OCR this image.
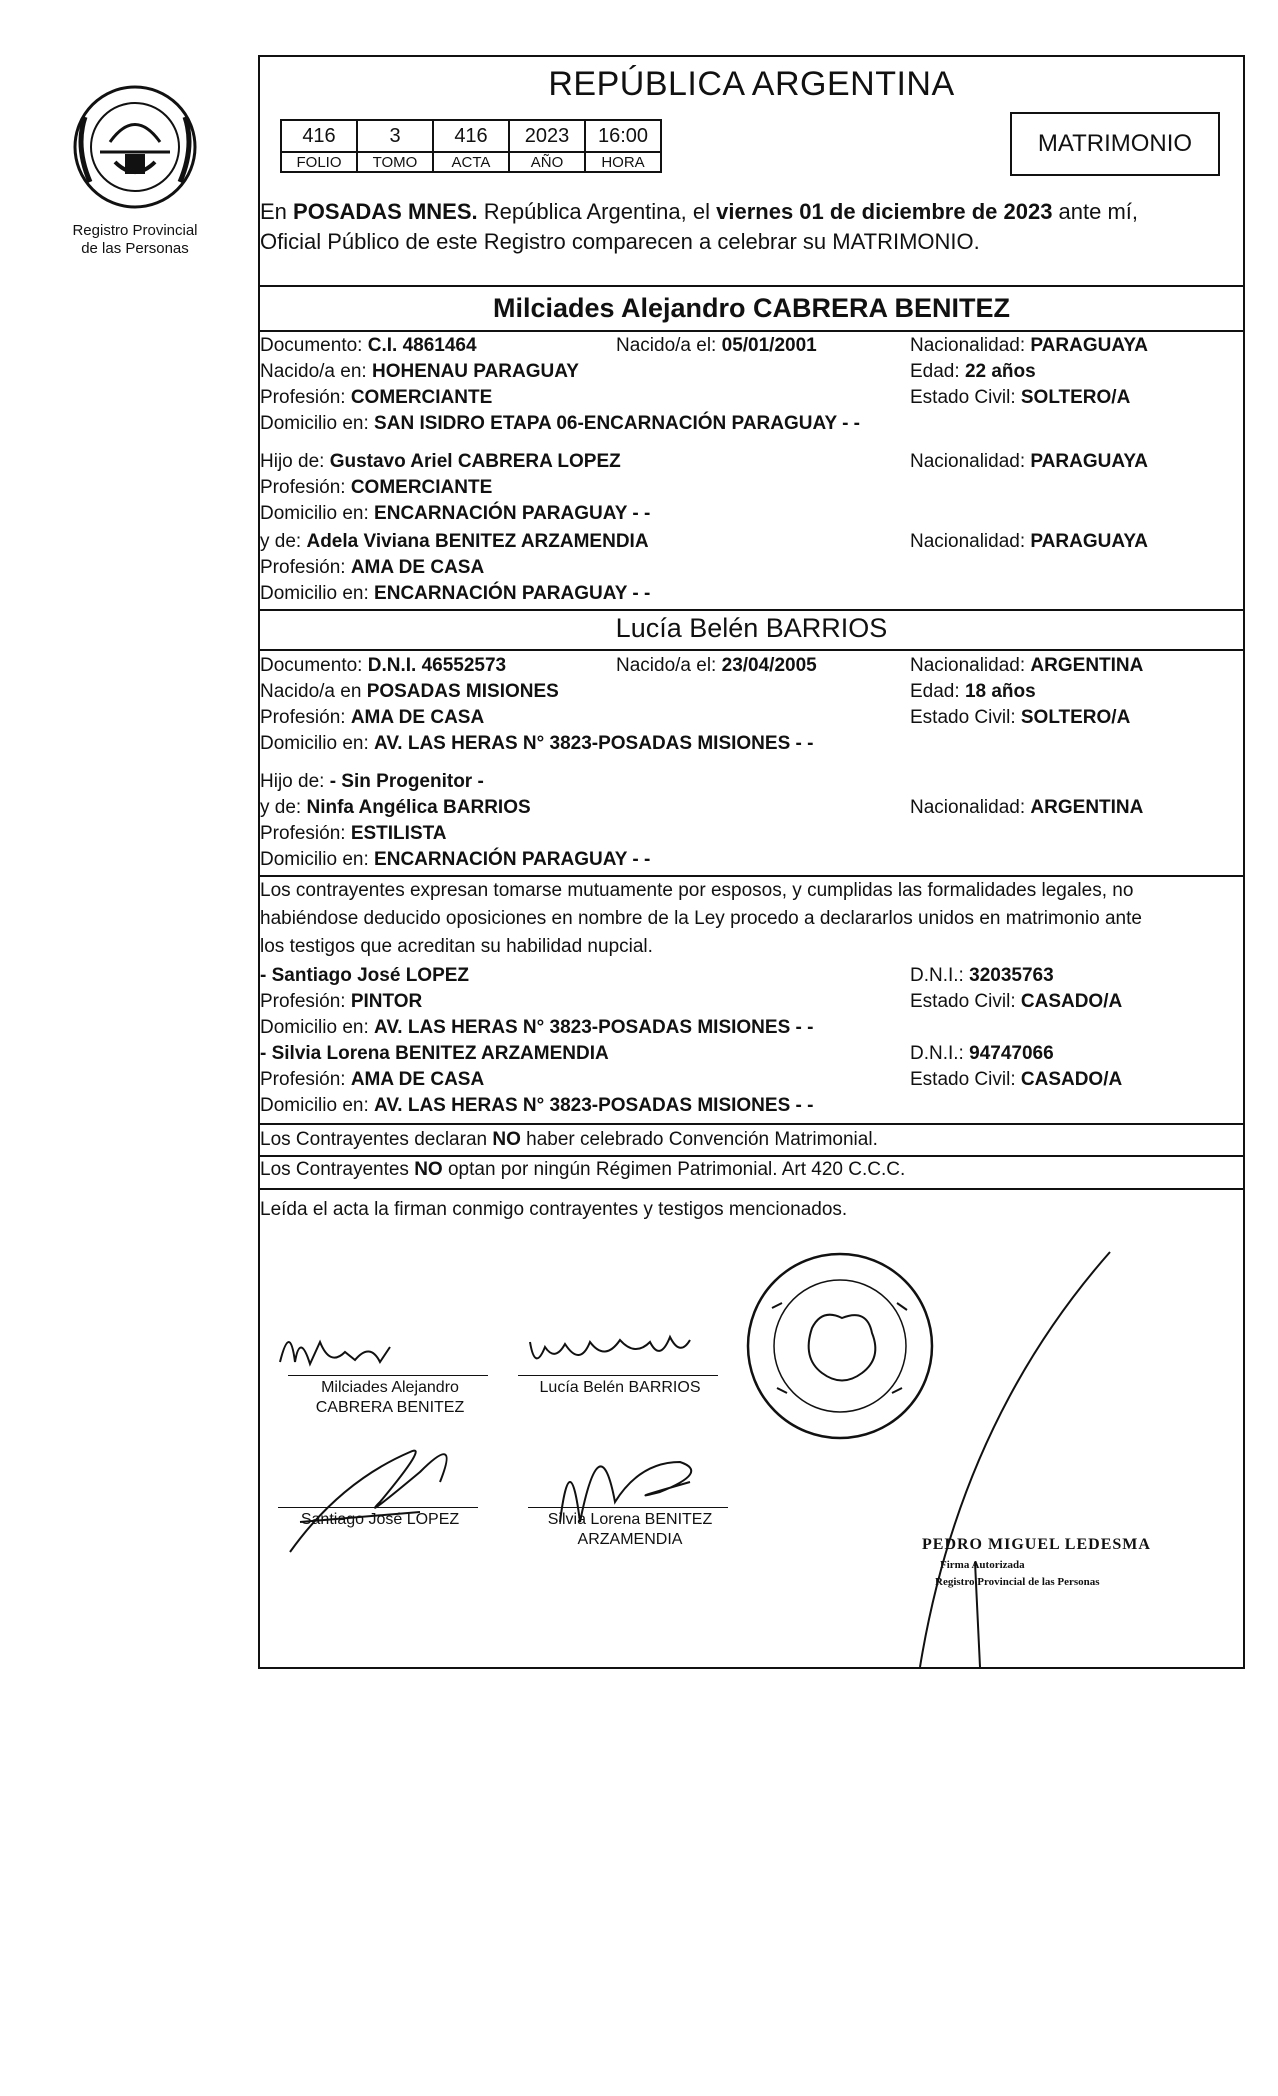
Registro Provincial
de las Personas
REPÚBLICA ARGENTINA
416	3	416	2023	16:00
FOLIO	TOMO	ACTA	AÑO	HORA
MATRIMONIO
En POSADAS MNES. República Argentina, el viernes 01 de diciembre de 2023 ante mí,
Oficial Público de este Registro comparecen a celebrar su MATRIMONIO.
Milciades Alejandro CABRERA BENITEZ
Documento: C.I. 4861464	Nacido/a el: 05/01/2001	Nacionalidad: PARAGUAYA
Nacido/a en: HOHENAU PARAGUAY	Edad: 22 años
Profesión: COMERCIANTE	Estado Civil: SOLTERO/A
Domicilio en: SAN ISIDRO ETAPA 06-ENCARNACIÓN PARAGUAY - -
Hijo de: Gustavo Ariel CABRERA LOPEZ	Nacionalidad: PARAGUAYA
Profesión: COMERCIANTE
Domicilio en: ENCARNACIÓN PARAGUAY - -
y de: Adela Viviana BENITEZ ARZAMENDIA	Nacionalidad: PARAGUAYA
Profesión: AMA DE CASA
Domicilio en: ENCARNACIÓN PARAGUAY - -
Lucía Belén BARRIOS
Documento: D.N.I. 46552573	Nacido/a el: 23/04/2005	Nacionalidad: ARGENTINA
Nacido/a en POSADAS MISIONES	Edad: 18 años
Profesión: AMA DE CASA	Estado Civil: SOLTERO/A
Domicilio en: AV. LAS HERAS N° 3823-POSADAS MISIONES - -
Hijo de: - Sin Progenitor -
y de: Ninfa Angélica BARRIOS	Nacionalidad: ARGENTINA
Profesión: ESTILISTA
Domicilio en: ENCARNACIÓN PARAGUAY - -
Los contrayentes expresan tomarse mutuamente por esposos, y cumplidas las formalidades legales, no
habiéndose deducido oposiciones en nombre de la Ley procedo a declararlos unidos en matrimonio ante
los testigos que acreditan su habilidad nupcial.
- Santiago José LOPEZ	D.N.I.: 32035763
Profesión: PINTOR	Estado Civil: CASADO/A
Domicilio en: AV. LAS HERAS N° 3823-POSADAS MISIONES - -
- Silvia Lorena BENITEZ ARZAMENDIA	D.N.I.: 94747066
Profesión: AMA DE CASA	Estado Civil: CASADO/A
Domicilio en: AV. LAS HERAS N° 3823-POSADAS MISIONES - -
Los Contrayentes declaran NO haber celebrado Convención Matrimonial.
Los Contrayentes NO optan por ningún Régimen Patrimonial. Art 420 C.C.C.
Leída el acta la firman conmigo contrayentes y testigos mencionados.
Milciades Alejandro
CABRERA BENITEZ
Lucía Belén BARRIOS
Santiago José LOPEZ	Silvia Lorena BENITEZ
ARZAMENDIA	PEDRO MIGUEL LEDESMA
Firma Autorizada
Registro Provincial de las Personas
